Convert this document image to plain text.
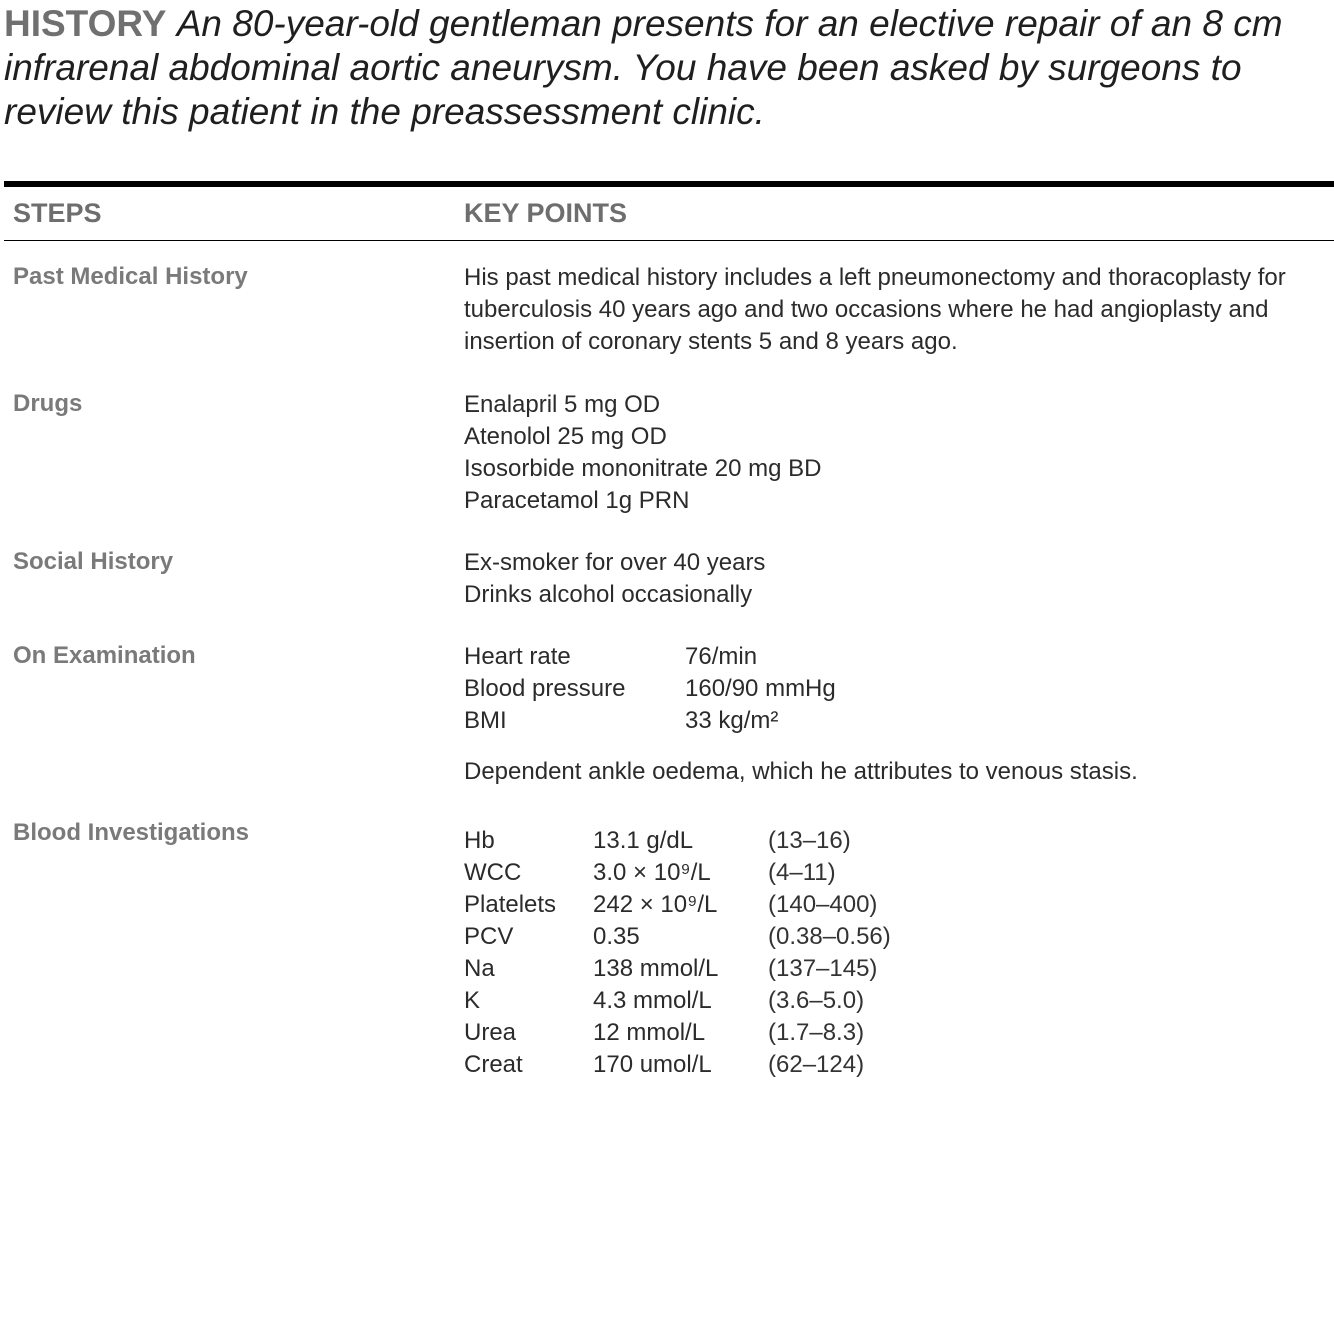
HISTORY An 80-year-old gentleman presents for an elective repair of an 8 cm infrarenal abdominal aortic aneurysm. You have been asked by surgeons to review this patient in the preassessment clinic.
STEPS	KEY POINTS
Past Medical History	His past medical history includes a left pneumonectomy and thoracoplasty for tuberculosis 40 years ago and two occasions where he had angioplasty and insertion of coronary stents 5 and 8 years ago.
Drugs	Enalapril 5 mg OD
Atenolol 25 mg OD
Isosorbide mononitrate 20 mg BD
Paracetamol 1g PRN
Social History	Ex-smoker for over 40 years
Drinks alcohol occasionally
On Examination	Heart rate	76/min
Blood pressure	160/90 mmHg
BMI	33 kg/m²
Dependent ankle oedema, which he attributes to venous stasis.
Blood Investigations	Hb	13.1 g/dL	(13–16)
WCC	3.0 × 10⁹/L	(4–11)
Platelets	242 × 10⁹/L	(140–400)
PCV	0.35	(0.38–0.56)
Na	138 mmol/L	(137–145)
K	4.3 mmol/L	(3.6–5.0)
Urea	12 mmol/L	(1.7–8.3)
Creat	170 umol/L	(62–124)
